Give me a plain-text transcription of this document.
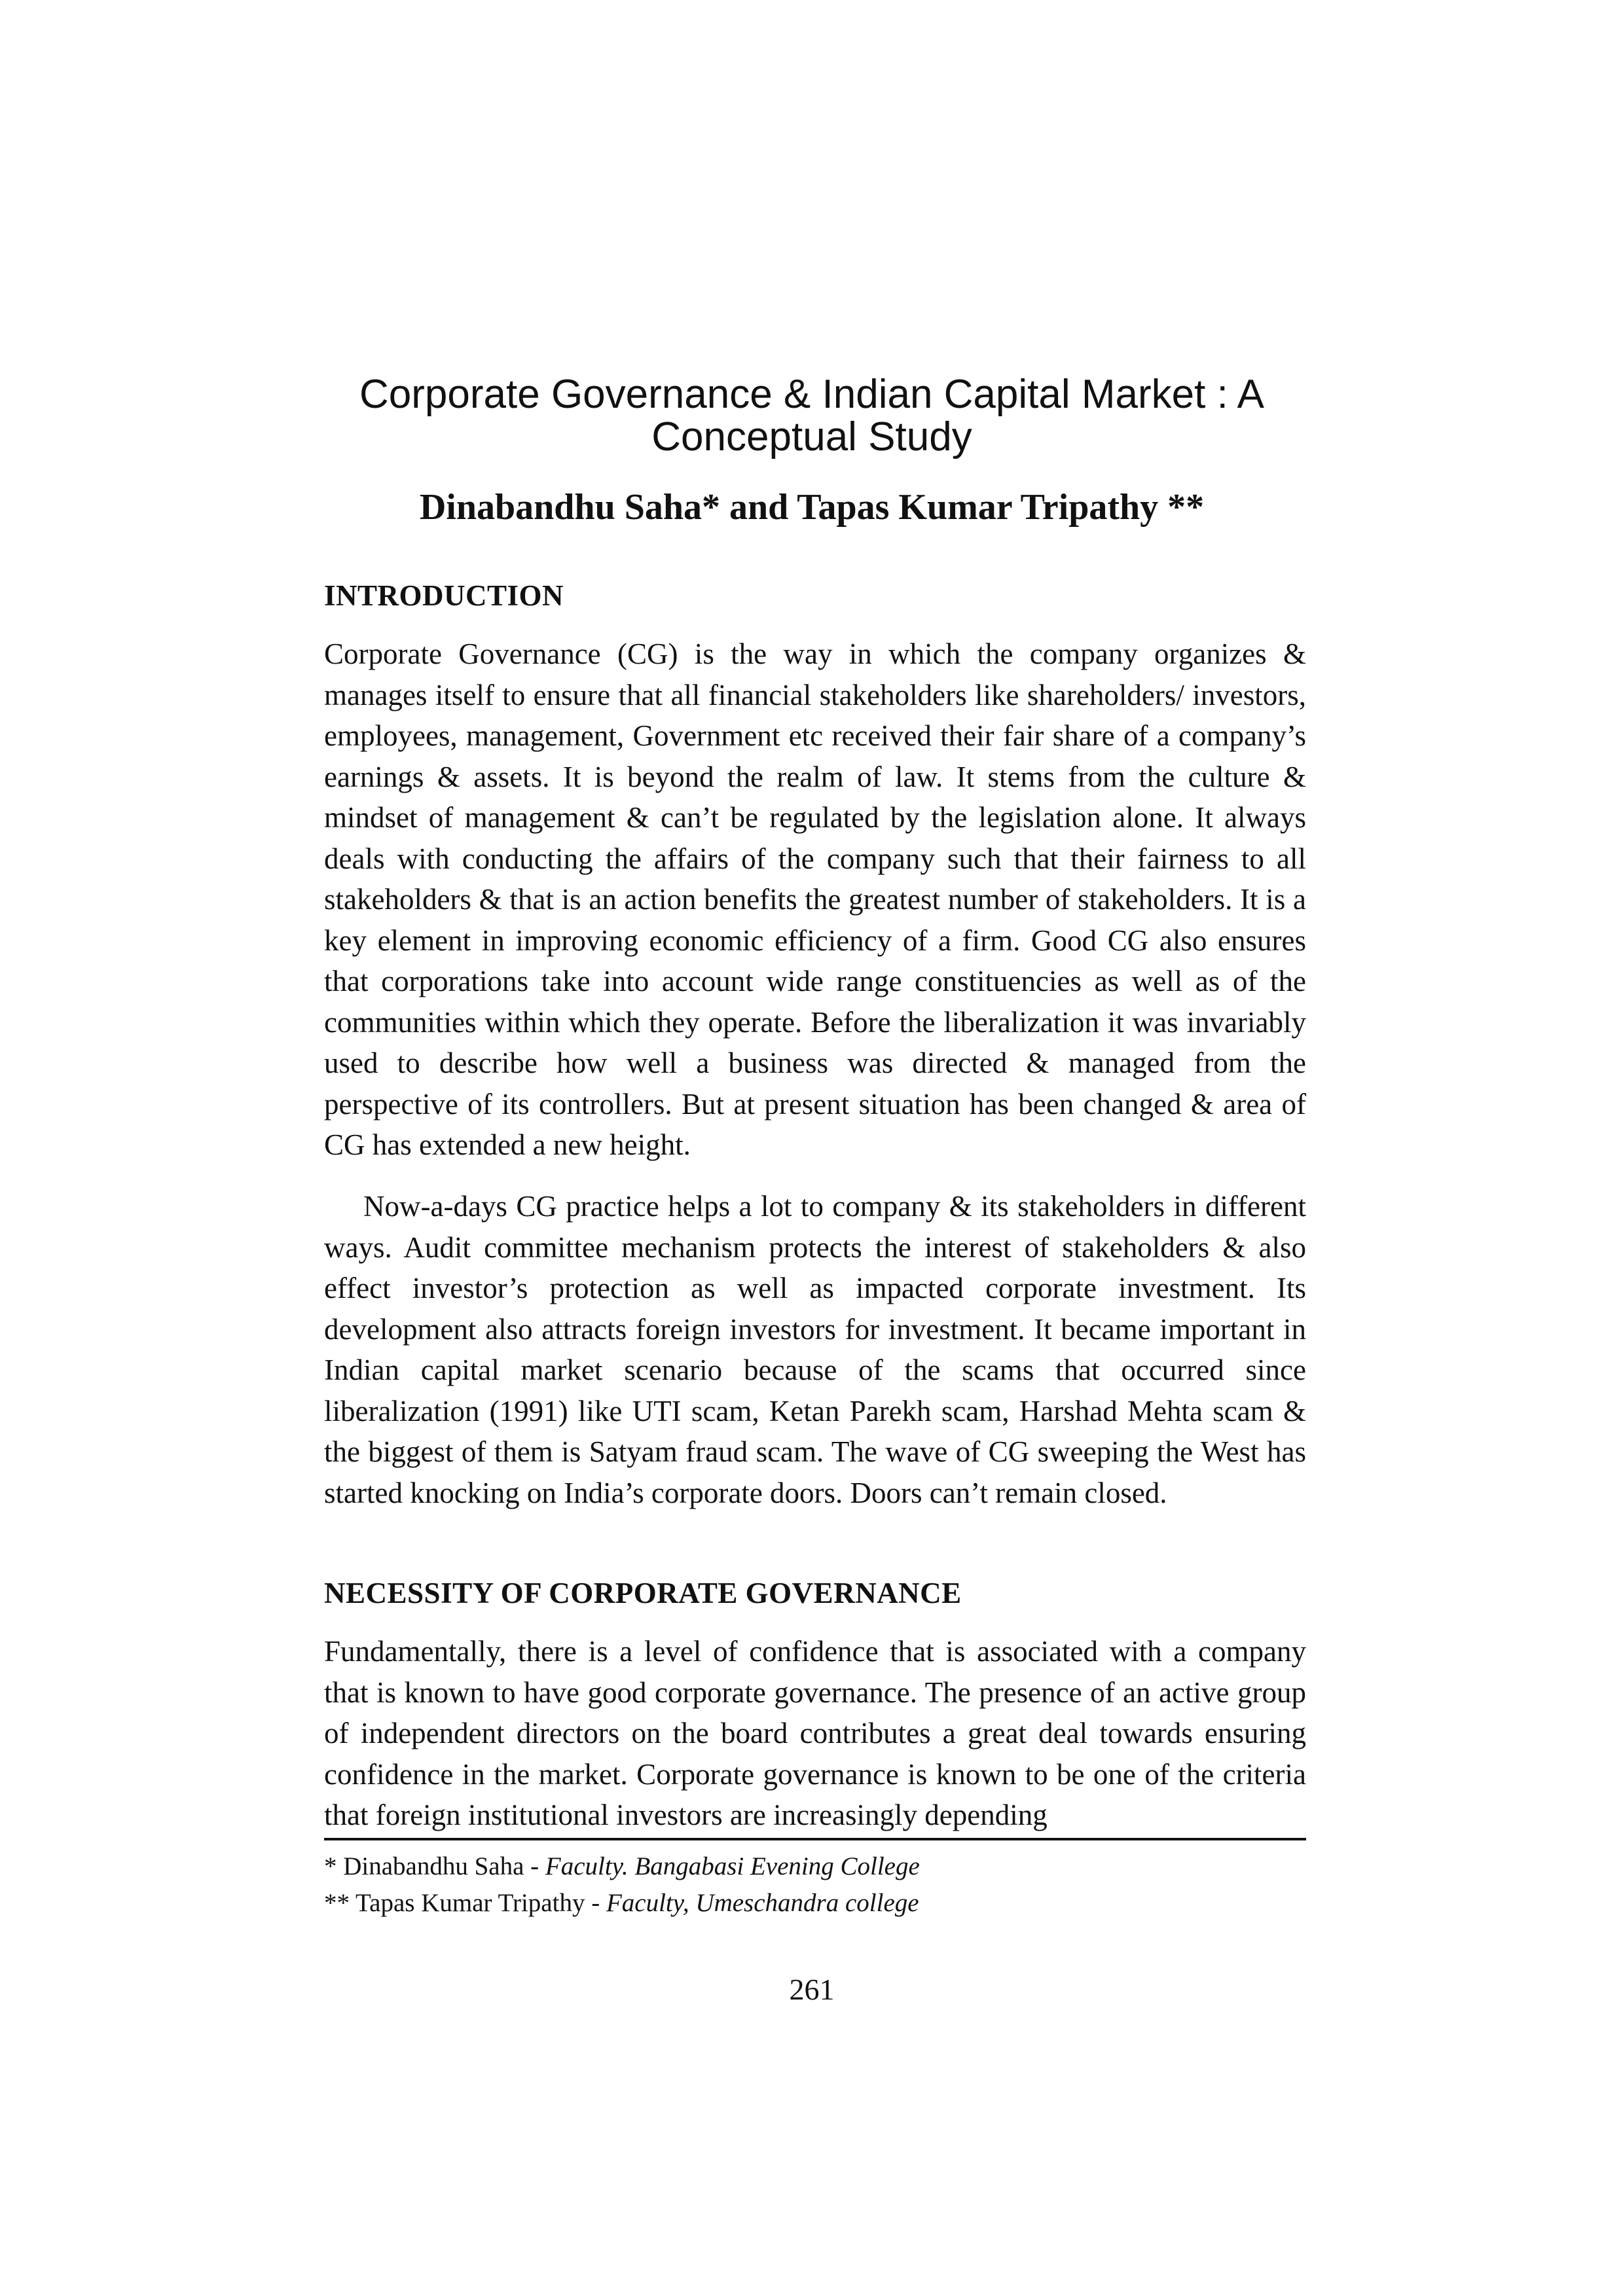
Corporate Governance & Indian Capital Market : A Conceptual Study

Dinabandhu Saha* and Tapas Kumar Tripathy **

INTRODUCTION

Corporate Governance (CG) is the way in which the company organizes & manages itself to ensure that all financial stakeholders like shareholders/ investors, employees, management, Government etc received their fair share of a company’s earnings & assets. It is beyond the realm of law. It stems from the culture & mindset of management & can’t be regulated by the legislation alone. It always deals with conducting the affairs of the company such that their fairness to all stakeholders & that is an action benefits the greatest number of stakeholders. It is a key element in improving economic efficiency of a firm. Good CG also ensures that corporations take into account wide range constituencies as well as of the communities within which they operate. Before the liberalization it was invariably used to describe how well a business was directed & managed from the perspective of its controllers. But at present situation has been changed & area of CG has extended a new height.

Now-a-days CG practice helps a lot to company & its stakeholders in different ways. Audit committee mechanism protects the interest of stakeholders & also effect investor’s protection as well as impacted corporate investment. Its development also attracts foreign investors for investment. It became important in Indian capital market scenario because of the scams that occurred since liberalization (1991) like UTI scam, Ketan Parekh scam, Harshad Mehta scam & the biggest of them is Satyam fraud scam. The wave of CG sweeping the West has started knocking on India’s corporate doors. Doors can’t remain closed.

NECESSITY OF CORPORATE GOVERNANCE

Fundamentally, there is a level of confidence that is associated with a company that is known to have good corporate governance. The presence of an active group of independent directors on the board contributes a great deal towards ensuring confidence in the market. Corporate governance is known to be one of the criteria that foreign institutional investors are increasingly depending

* Dinabandhu Saha - Faculty. Bangabasi Evening College

** Tapas Kumar Tripathy - Faculty, Umeschandra college

261
